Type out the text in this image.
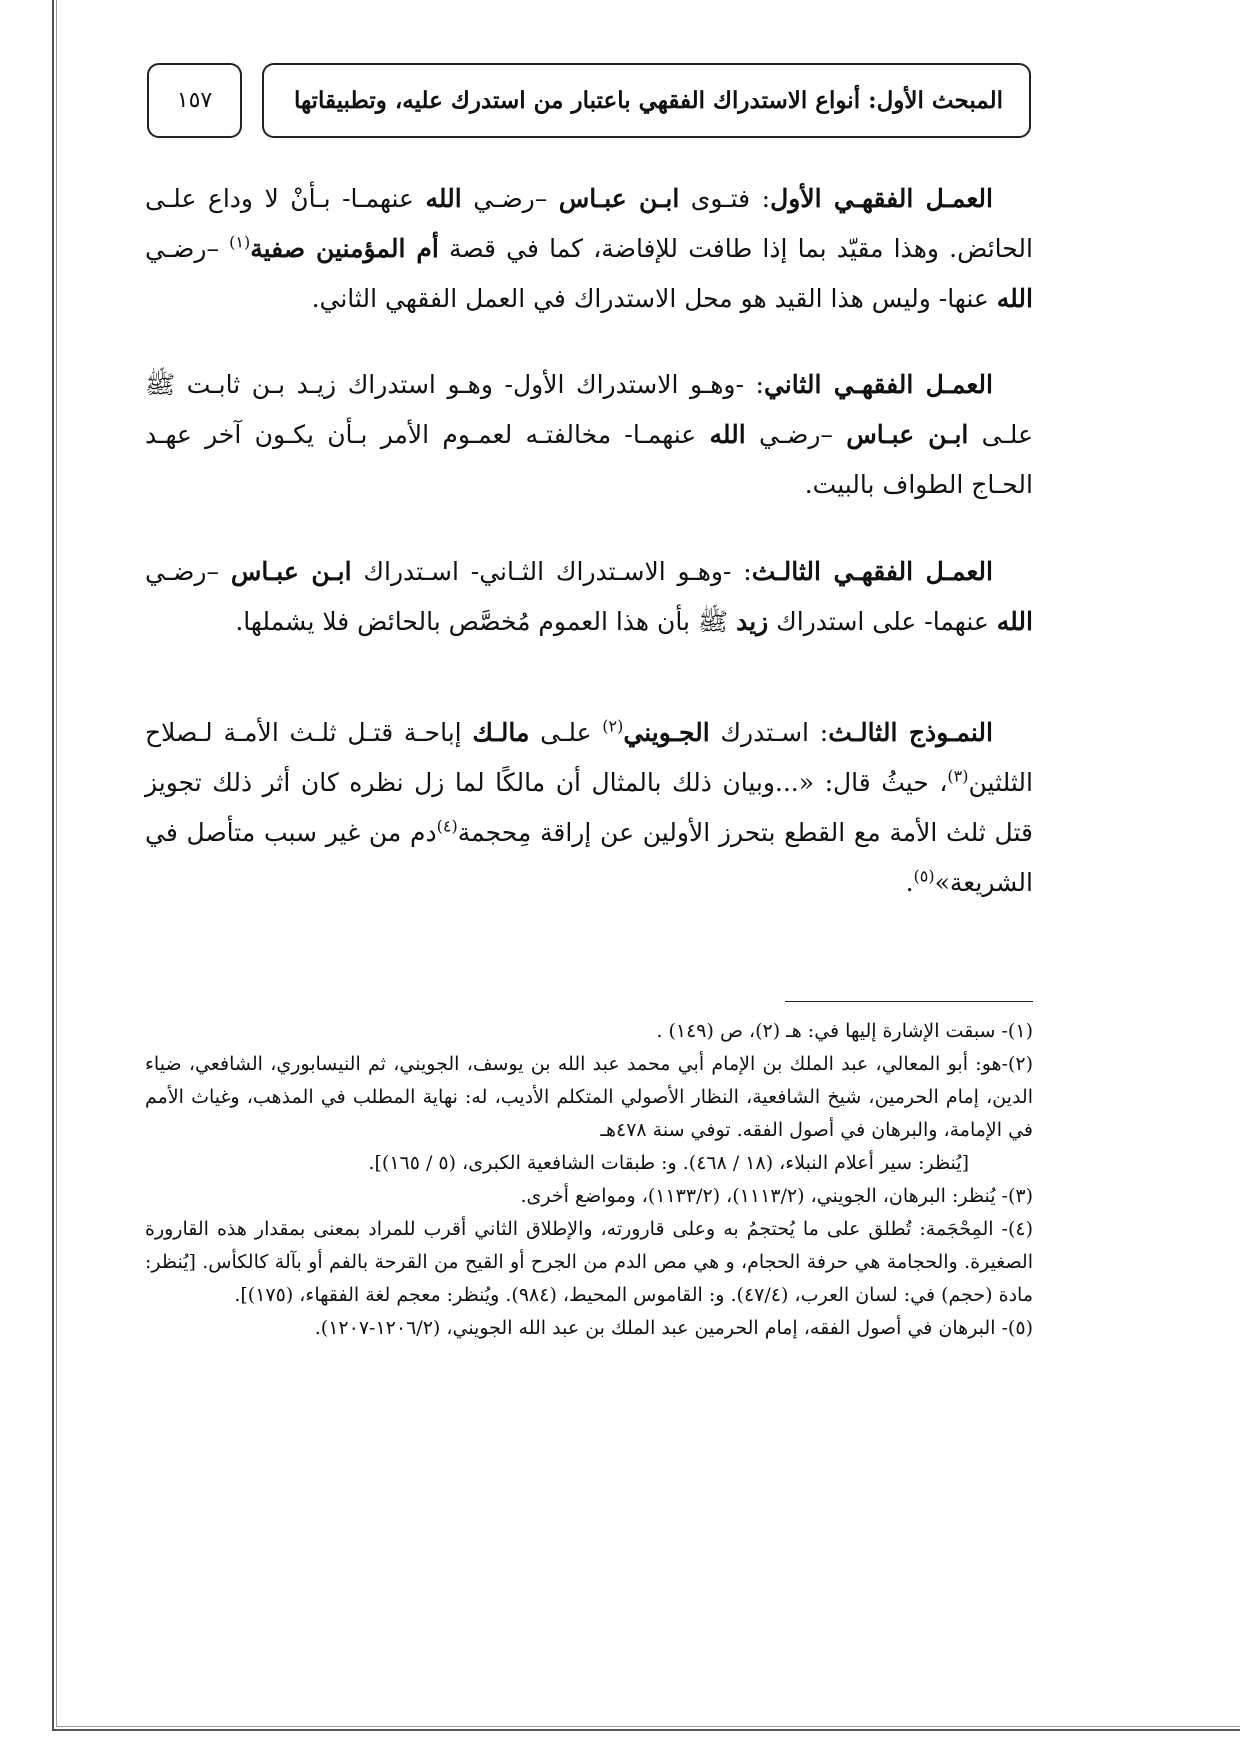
المبحث الأول: أنواع الاستدراك الفقهي باعتبار من استدرك عليه، وتطبيقاتها
١٥٧

العمـل الفقهـي الأول: فتـوى ابـن عبـاس –رضـي الله عنهمـا- بـأنْ لا وداع علـى الحائض. وهذا مقيّد بما إذا طافت للإفاضة، كما في قصة أم المؤمنين صفية$^{(١)}$ –رضـي الله عنها- وليس هذا القيد هو محل الاستدراك في العمل الفقهي الثاني.

العمـل الفقهـي الثاني: -وهـو الاستدراك الأول- وهـو استدراك زيـد بـن ثابـت ﷺ علـى ابـن عبـاس –رضـي الله عنهمـا- مخالفتـه لعمـوم الأمر بـأن يكـون آخر عهـد الحـاج الطواف بالبيت.

العمـل الفقهـي الثالـث: -وهـو الاسـتدراك الثـاني- اسـتدراك ابـن عبـاس –رضـي الله عنهما- على استدراك زيد ﷺ بأن هذا العموم مُخصَّص بالحائض فلا يشملها.

النمـوذج الثالـث: اسـتدرك الجـويني$^{(٢)}$ علـى مالـك إباحـة قتـل ثلـث الأمـة لـصلاح الثلثين$^{(٣)}$، حيثُ قال: «...وبيان ذلك بالمثال أن مالكًا لما زل نظره كان أثر ذلك تجويز قتل ثلث الأمة مع القطع بتحرز الأولين عن إراقة مِحجمة$^{(٤)}$دم من غير سبب متأصل في الشريعة»$^{(٥)}$.

(١)- سبقت الإشارة إليها في: هـ (٢)، ص (١٤٩) .
(٢)-هو: أبو المعالي، عبد الملك بن الإمام أبي محمد عبد الله بن يوسف، الجويني، ثم النيسابوري، الشافعي، ضياء الدين، إمام الحرمين، شيخ الشافعية، النظار الأصولي المتكلم الأديب، له: نهاية المطلب في المذهب، وغياث الأمم في الإمامة، والبرهان في أصول الفقه. توفي سنة ٤٧٨هـ
[يُنظر: سير أعلام النبلاء، (١٨ / ٤٦٨). و: طبقات الشافعية الكبرى، (٥ / ١٦٥)].
(٣)- يُنظر: البرهان، الجويني، (١١١٣/٢)، (١١٣٣/٢)، ومواضع أخرى.
(٤)- المِحْجَمة: تُطلق على ما يُحتجمُ به وعلى قارورته، والإطلاق الثاني أقرب للمراد بمعنى بمقدار هذه القارورة الصغيرة. والحجامة هي حرفة الحجام، و هي مص الدم من الجرح أو القيح من القرحة بالفم أو بآلة كالكأس. [يُنظر: مادة (حجم) في: لسان العرب، (٤٧/٤). و: القاموس المحيط، (٩٨٤). ويُنظر: معجم لغة الفقهاء، (١٧٥)].
(٥)- البرهان في أصول الفقه، إمام الحرمين عبد الملك بن عبد الله الجويني، (١٢٠٦/٢-١٢٠٧).
